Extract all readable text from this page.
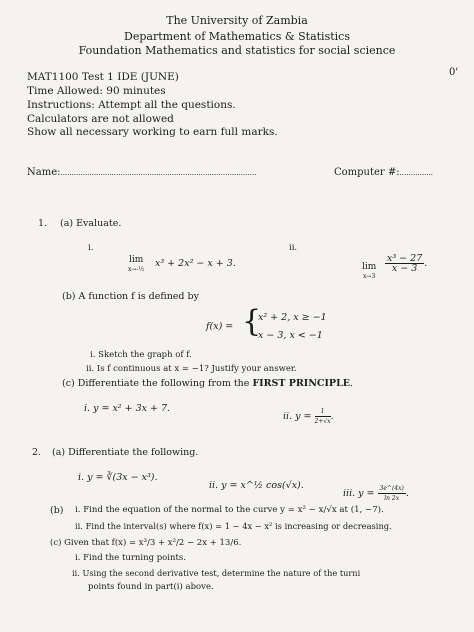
The University of Zambia
Department of Mathematics & Statistics
Foundation Mathematics and statistics for social science
MAT1100 Test 1 IDE (JUNE)	0'
Time Allowed: 90 minutes
Instructions: Attempt all the questions.
Calculators are not allowed
Show all necessary working to earn full marks.
Name:........................................................................................	Computer #:...............
1. (a) Evaluate.
i.
lim
x→-½
x³ + 2x² − x + 3.
ii.
lim
x→3
$\frac{\text{x³ − 27}}{x - 3}$ .
(b) A function f is defined by
f(x) = {
x² + 2, x ≥ −1
x − 3, x < −1
i. Sketch the graph of f.
ii. Is f continuous at x = −1? Justify your answer.
(c) Differentiate the following from the FIRST PRINCIPLE.
i. y = x² + 3x + 7.
ii. $y = \frac{1}{2+√x}$ .
2. (a) Differentiate the following.
i. y = ∛(3x − x³).
ii. y = x^½ cos(√x).
iii. $y = \frac{3e\^{}(4x)}{\ln 2x}$ .
(b) i. Find the equation of the normal to the curve y = x² − x/√x at (1, −7).
ii. Find the interval(s) where f(x) = 1 − 4x − x² is increasing or decreasing.
(c) Given that f(x) = x³/3 + x²/2 − 2x + 13/6.
i. Find the turning points.
ii. Using the second derivative test, determine the nature of the turni
points found in part(i) above.
